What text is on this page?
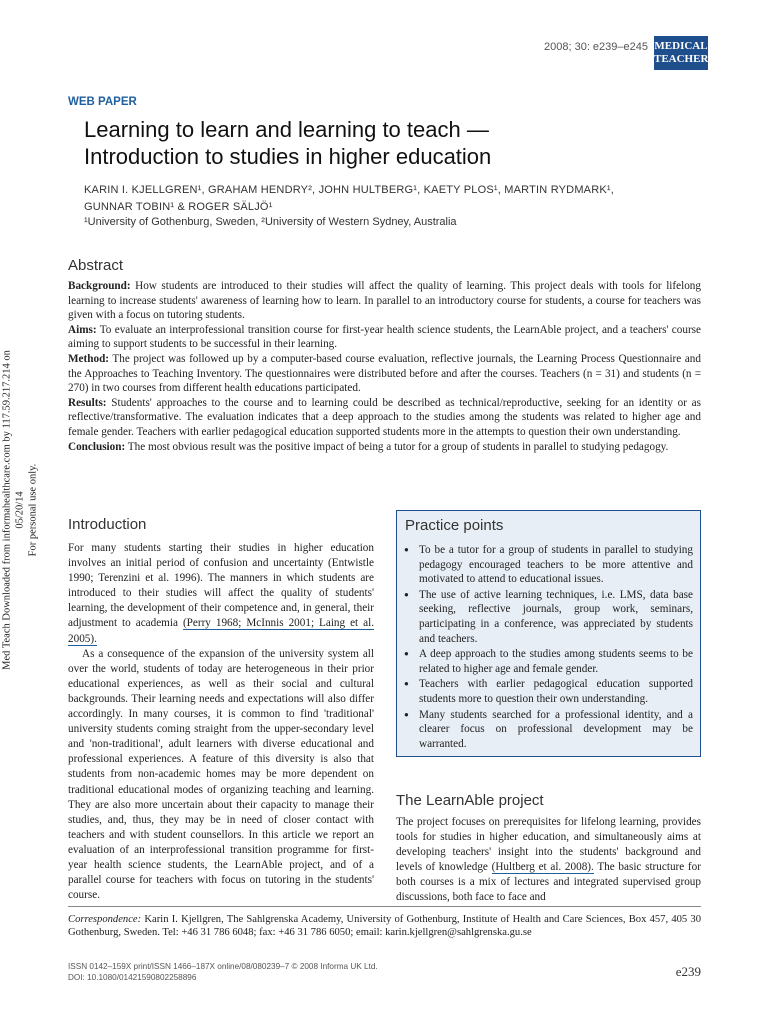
Med Teach Downloaded from informahealthcare.com by 117.59.217.214 on 05/20/14 For personal use only.
2008; 30: e239–e245 MEDICAL
TEACHER
WEB PAPER
Learning to learn and learning to teach —
Introduction to studies in higher education
KARIN I. KJELLGREN¹, GRAHAM HENDRY², JOHN HULTBERG¹, KAETY PLOS¹, MARTIN RYDMARK¹,
GUNNAR TOBIN¹ & ROGER SÄLJÖ¹
¹University of Gothenburg, Sweden, ²University of Western Sydney, Australia
Abstract

Background: How students are introduced to their studies will affect the quality of learning. This project deals with tools for lifelong learning to increase students' awareness of learning how to learn. In parallel to an introductory course for students, a course for teachers was given with a focus on tutoring students.

Aims: To evaluate an interprofessional transition course for first-year health science students, the LearnAble project, and a teachers' course aiming to support students to be successful in their learning.

Method: The project was followed up by a computer-based course evaluation, reflective journals, the Learning Process Questionnaire and the Approaches to Teaching Inventory. The questionnaires were distributed before and after the courses. Teachers (n = 31) and students (n = 270) in two courses from different health educations participated.

Results: Students' approaches to the course and to learning could be described as technical/reproductive, seeking for an identity or as reflective/transformative. The evaluation indicates that a deep approach to the studies among the students was related to higher age and female gender. Teachers with earlier pedagogical education supported students more in the attempts to question their own understanding.

Conclusion: The most obvious result was the positive impact of being a tutor for a group of students in parallel to studying pedagogy.

Introduction

For many students starting their studies in higher education involves an initial period of confusion and uncertainty (Entwistle 1990; Terenzini et al. 1996). The manners in which students are introduced to their studies will affect the quality of students' learning, the development of their competence and, in general, their adjustment to academia (Perry 1968; McInnis 2001; Laing et al. 2005).

As a consequence of the expansion of the university system all over the world, students of today are heterogeneous in their prior educational experiences, as well as their social and cultural backgrounds. Their learning needs and expectations will also differ accordingly. In many courses, it is common to find 'traditional' university students coming straight from the upper-secondary level and 'non-traditional', adult learners with diverse educational and professional experiences. A feature of this diversity is also that students from non-academic homes may be more dependent on traditional educational modes of organizing teaching and learning. They are also more uncertain about their capacity to manage their studies, and, thus, they may be in need of closer contact with teachers and with student counsellors. In this article we report an evaluation of an interprofessional transition programme for first-year health science students, the LearnAble project, and of a parallel course for teachers with focus on tutoring in the students' course.

Practice points
● To be a tutor for a group of students in parallel to studying pedagogy encouraged teachers to be more attentive and motivated to attend to educational issues.
● The use of active learning techniques, i.e. LMS, data base seeking, reflective journals, group work, seminars, participating in a conference, was appreciated by students and teachers.
● A deep approach to the studies among students seems to be related to higher age and female gender.
● Teachers with earlier pedagogical education supported students more to question their own understanding.
● Many students searched for a professional identity, and a clearer focus on professional development may be warranted.
The LearnAble project

The project focuses on prerequisites for lifelong learning, provides tools for studies in higher education, and simultaneously aims at developing teachers' insight into the students' background and levels of knowledge (Hultberg et al. 2008). The basic structure for both courses is a mix of lectures and integrated supervised group discussions, both face to face and

Correspondence: Karin I. Kjellgren, The Sahlgrenska Academy, University of Gothenburg, Institute of Health and Care Sciences, Box 457, 405 30 Gothenburg, Sweden. Tel: +46 31 786 6048; fax: +46 31 786 6050; email: karin.kjellgren@sahlgrenska.gu.se
ISSN 0142–159X print/ISSN 1466–187X online/08/080239–7 © 2008 Informa UK Ltd.
DOI: 10.1080/01421590802258896	e239
